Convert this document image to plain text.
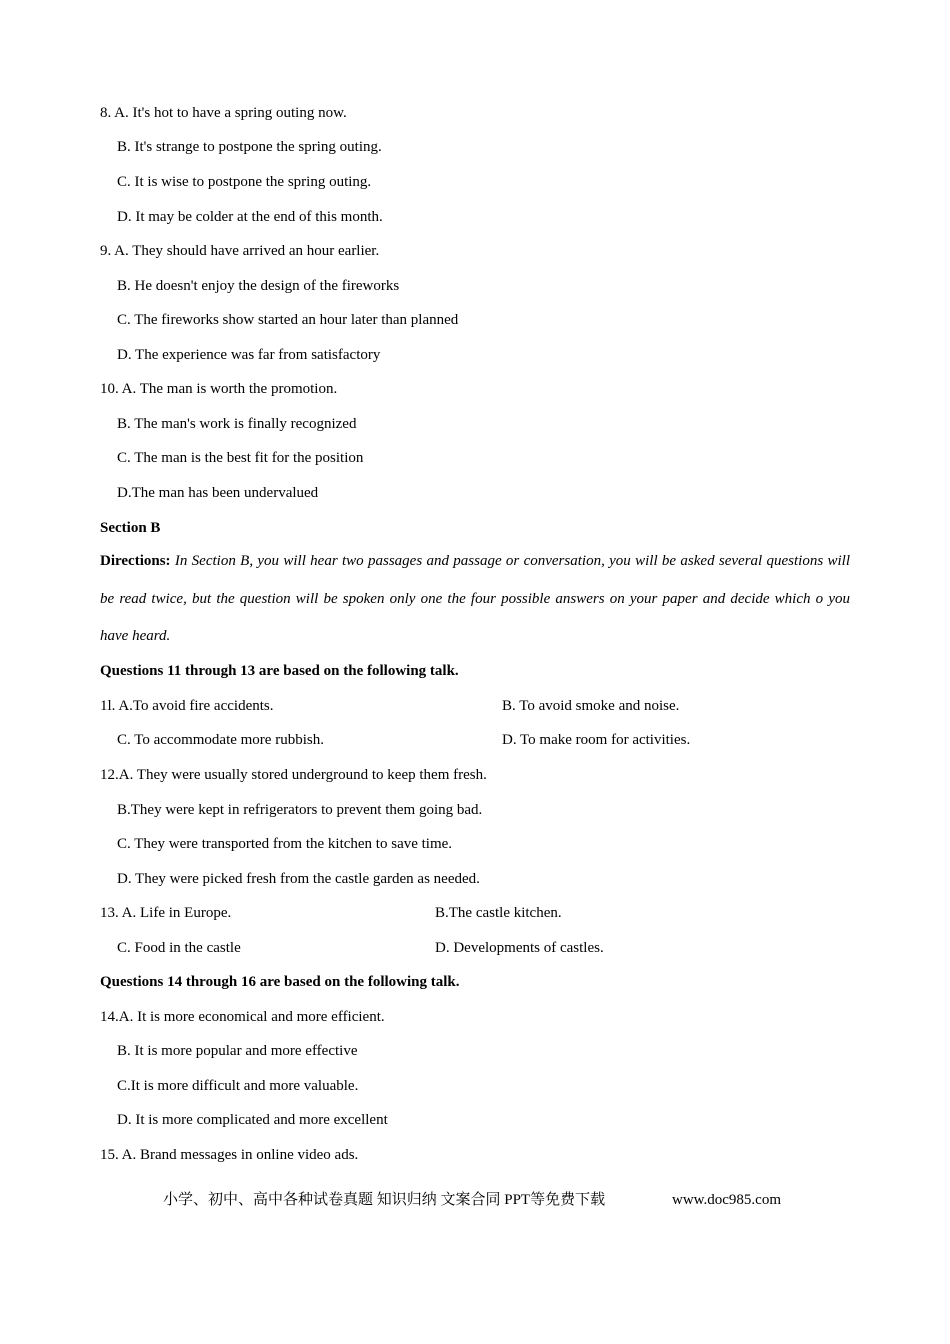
8. A. It's hot to have a spring outing now.
B. It's strange to postpone the spring outing.
C. It is wise to postpone the spring outing.
D. It may be colder at the end of this month.
9. A. They should have arrived an hour earlier.
B. He doesn't enjoy the design of the fireworks
C. The fireworks show started an hour later than planned
D. The experience was far from satisfactory
10. A. The man is worth the promotion.
B. The man's work is finally recognized
C. The man is the best fit for the position
D.The man has been undervalued
Section B
Directions: In Section B, you will hear two passages and passage or conversation, you will be asked several questions will be read twice, but the question will be spoken only one the four possible answers on your paper and decide which o you have heard.
Questions 11 through 13 are based on the following talk.
1l. A.To avoid fire accidents.	B. To avoid smoke and noise.
C. To accommodate more rubbish.	D. To make room for activities.
12.A. They were usually stored underground to keep them fresh.
B.They were kept in refrigerators to prevent them going bad.
C. They were transported from the kitchen to save time.
D. They were picked fresh from the castle garden as needed.
13. A. Life in Europe.	B.The castle kitchen.
C. Food in the castle	D. Developments of castles.
Questions 14 through 16 are based on the following talk.
14.A. It is more economical and more efficient.
B. It is more popular and more effective
C.It is more difficult and more valuable.
D. It is more complicated and more excellent
15. A. Brand messages in online video ads.
小学、初中、高中各种试卷真题 知识归纳 文案合同 PPT等免费下载	www.doc985.com
